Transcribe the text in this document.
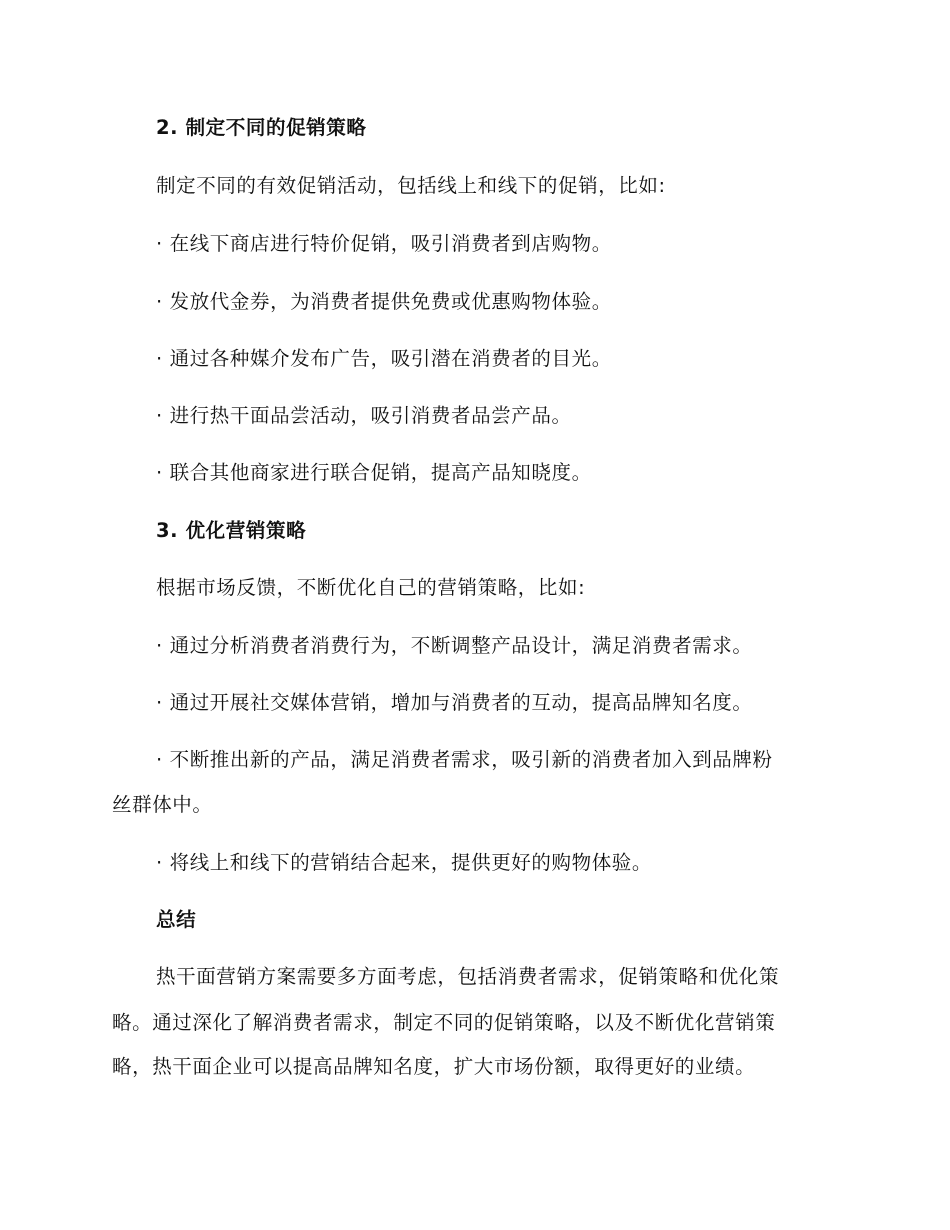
2. 制定不同的促销策略
制定不同的有效促销活动，包括线上和线下的促销，比如:
· 在线下商店进行特价促销，吸引消费者到店购物。
· 发放代金券，为消费者提供免费或优惠购物体验。
· 通过各种媒介发布广告，吸引潜在消费者的目光。
· 进行热干面品尝活动，吸引消费者品尝产品。
· 联合其他商家进行联合促销，提高产品知晓度。
3. 优化营销策略
根据市场反馈，不断优化自己的营销策略，比如:
· 通过分析消费者消费行为，不断调整产品设计，满足消费者需求。
· 通过开展社交媒体营销，增加与消费者的互动，提高品牌知名度。
· 不断推出新的产品，满足消费者需求，吸引新的消费者加入到品牌粉
丝群体中。
· 将线上和线下的营销结合起来，提供更好的购物体验。
总结
热干面营销方案需要多方面考虑，包括消费者需求，促销策略和优化策
略。通过深化了解消费者需求，制定不同的促销策略，以及不断优化营销策
略，热干面企业可以提高品牌知名度，扩大市场份额，取得更好的业绩。
